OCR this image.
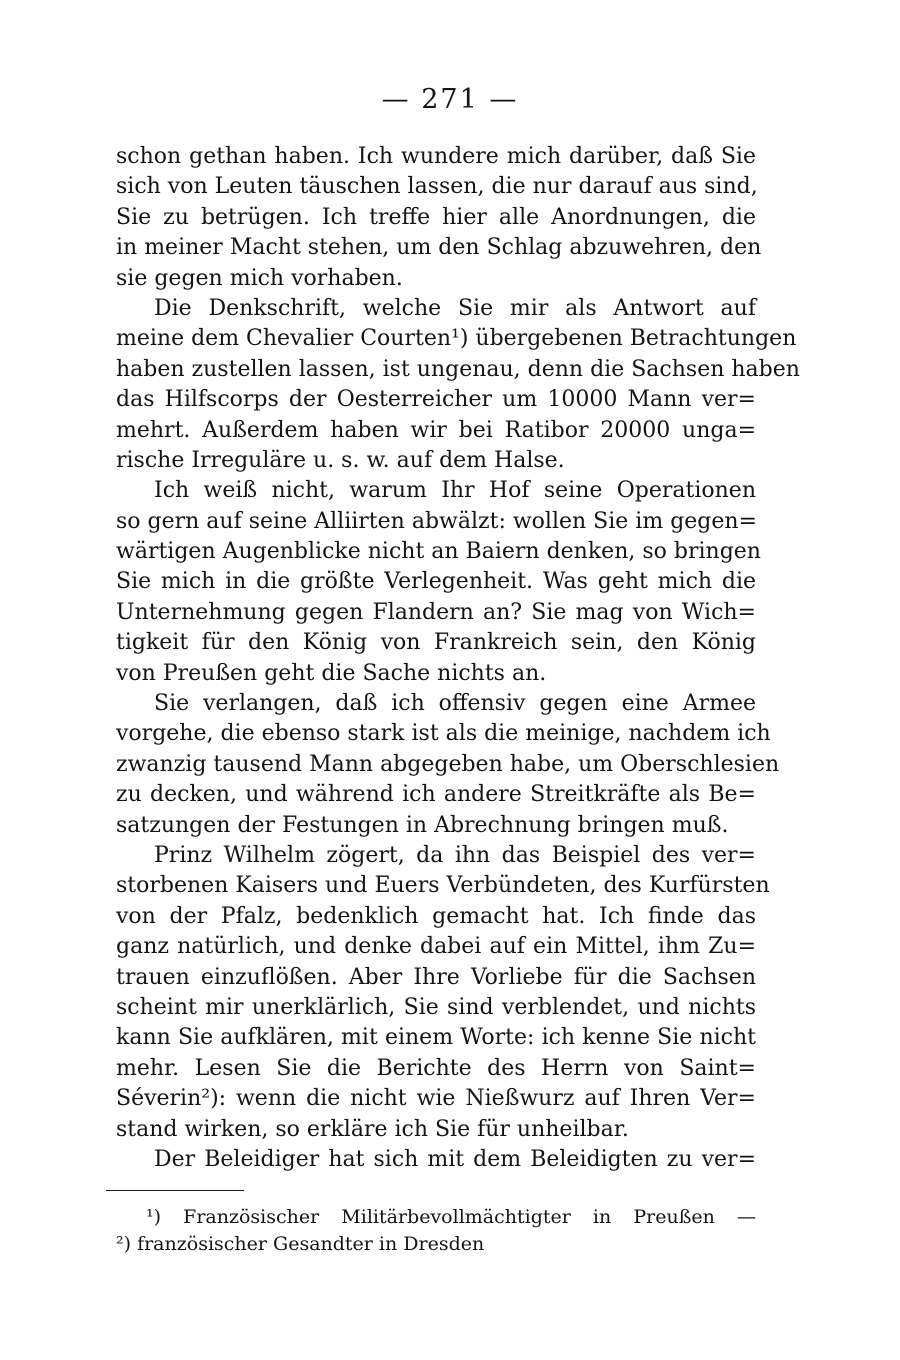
— 271 —
schon gethan haben. Ich wundere mich darüber, daß Sie
sich von Leuten täuschen lassen, die nur darauf aus sind,
Sie zu betrügen. Ich treffe hier alle Anordnungen, die
in meiner Macht stehen, um den Schlag abzuwehren, den
sie gegen mich vorhaben.
Die Denkschrift, welche Sie mir als Antwort auf
meine dem Chevalier Courten¹) übergebenen Betrachtungen
haben zustellen lassen, ist ungenau, denn die Sachsen haben
das Hilfscorps der Oesterreicher um 10000 Mann ver=
mehrt. Außerdem haben wir bei Ratibor 20000 unga=
rische Irreguläre u. s. w. auf dem Halse.
Ich weiß nicht, warum Ihr Hof seine Operationen
so gern auf seine Alliirten abwälzt: wollen Sie im gegen=
wärtigen Augenblicke nicht an Baiern denken, so bringen
Sie mich in die größte Verlegenheit. Was geht mich die
Unternehmung gegen Flandern an? Sie mag von Wich=
tigkeit für den König von Frankreich sein, den König
von Preußen geht die Sache nichts an.
Sie verlangen, daß ich offensiv gegen eine Armee
vorgehe, die ebenso stark ist als die meinige, nachdem ich
zwanzig tausend Mann abgegeben habe, um Oberschlesien
zu decken, und während ich andere Streitkräfte als Be=
satzungen der Festungen in Abrechnung bringen muß.
Prinz Wilhelm zögert, da ihn das Beispiel des ver=
storbenen Kaisers und Euers Verbündeten, des Kurfürsten
von der Pfalz, bedenklich gemacht hat. Ich finde das
ganz natürlich, und denke dabei auf ein Mittel, ihm Zu=
trauen einzuflößen. Aber Ihre Vorliebe für die Sachsen
scheint mir unerklärlich, Sie sind verblendet, und nichts
kann Sie aufklären, mit einem Worte: ich kenne Sie nicht
mehr. Lesen Sie die Berichte des Herrn von Saint=
Séverin²): wenn die nicht wie Nießwurz auf Ihren Ver=
stand wirken, so erkläre ich Sie für unheilbar.
Der Beleidiger hat sich mit dem Beleidigten zu ver=
¹) Französischer Militärbevollmächtigter in Preußen —
²) französischer Gesandter in Dresden
